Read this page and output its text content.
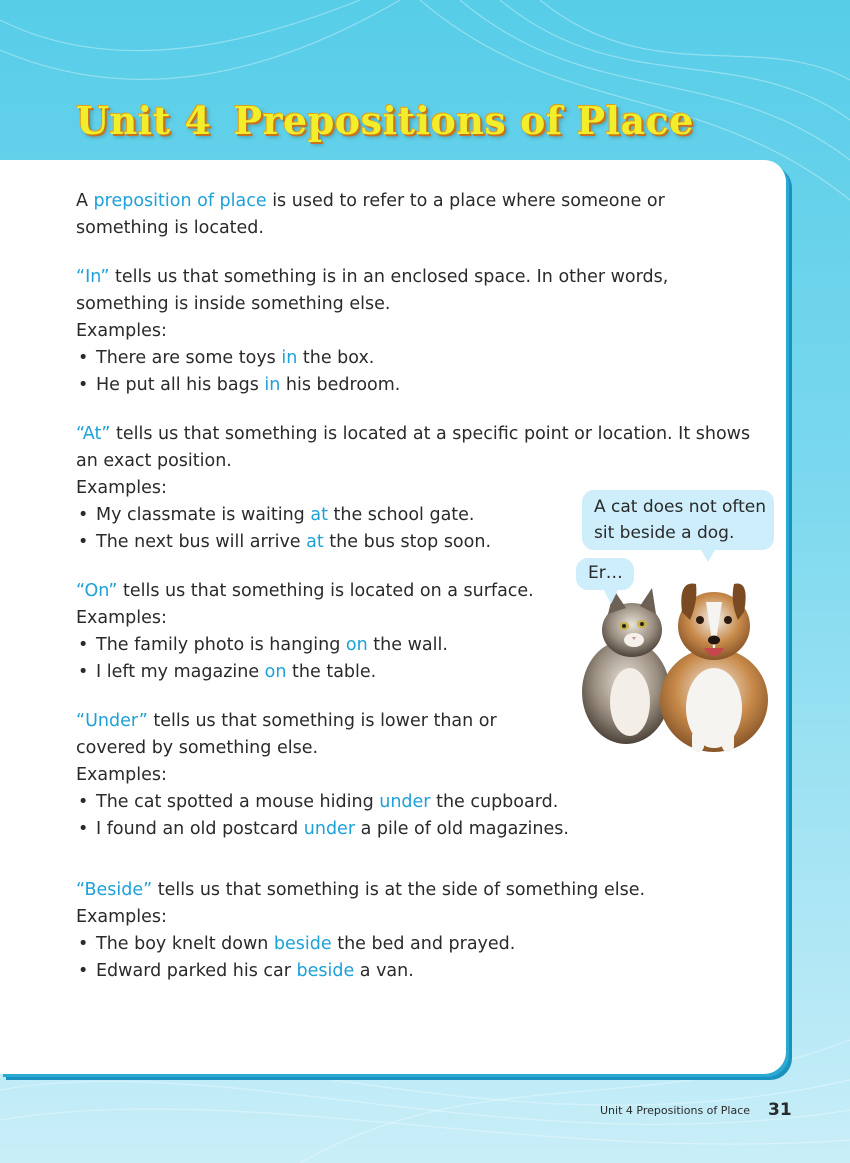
Unit 4 Prepositions of Place

A preposition of place is used to refer to a place where someone or something is located.

“In” tells us that something is in an enclosed space. In other words, something is inside something else.

Examples:

• There are some toys in the box.
• He put all his bags in his bedroom.

“At” tells us that something is located at a specific point or location. It shows an exact position.

Examples:

• My classmate is waiting at the school gate.
• The next bus will arrive at the bus stop soon.

“On” tells us that something is located on a surface.

Examples:

• The family photo is hanging on the wall.
• I left my magazine on the table.

“Under” tells us that something is lower than or covered by something else.

Examples:

• The cat spotted a mouse hiding under the cupboard.
• I found an old postcard under a pile of old magazines.

“Beside” tells us that something is at the side of something else.

Examples:

• The boy knelt down beside the bed and prayed.
• Edward parked his car beside a van.
A cat does not often sit beside a dog.
Er…
Unit 4 Prepositions of Place 31
